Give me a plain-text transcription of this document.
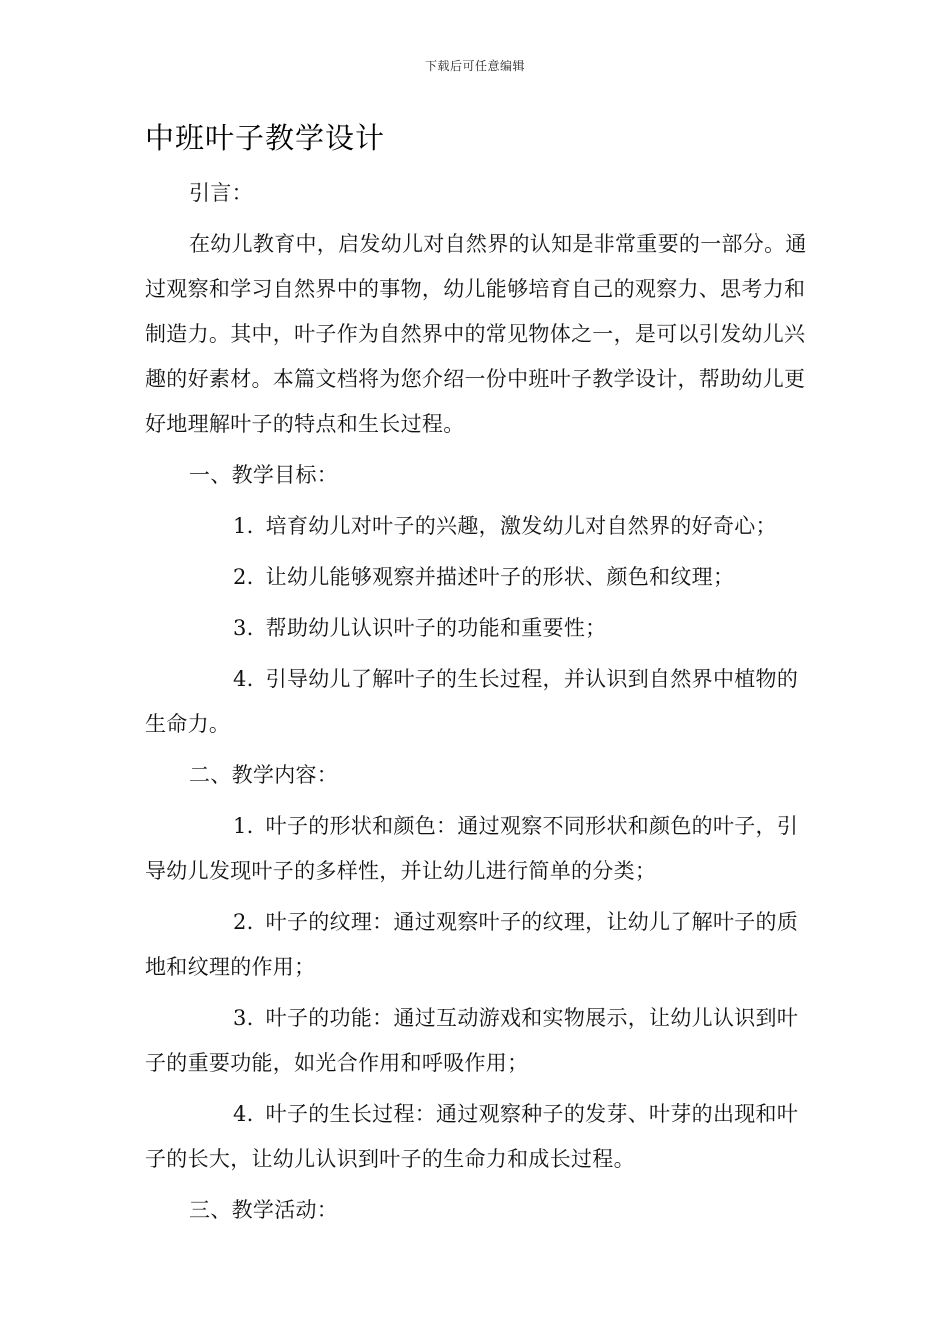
下载后可任意编辑
中班叶子教学设计

引言：

在幼儿教育中，启发幼儿对自然界的认知是非常重要的一部分。通过观察和学习自然界中的事物，幼儿能够培育自己的观察力、思考力和制造力。其中，叶子作为自然界中的常见物体之一，是可以引发幼儿兴趣的好素材。本篇文档将为您介绍一份中班叶子教学设计，帮助幼儿更好地理解叶子的特点和生长过程。

一、教学目标：

1. 培育幼儿对叶子的兴趣，激发幼儿对自然界的好奇心；

2. 让幼儿能够观察并描述叶子的形状、颜色和纹理；

3. 帮助幼儿认识叶子的功能和重要性；

4. 引导幼儿了解叶子的生长过程，并认识到自然界中植物的生命力。

二、教学内容：

1. 叶子的形状和颜色：通过观察不同形状和颜色的叶子，引导幼儿发现叶子的多样性，并让幼儿进行简单的分类；

2. 叶子的纹理：通过观察叶子的纹理，让幼儿了解叶子的质地和纹理的作用；

3. 叶子的功能：通过互动游戏和实物展示，让幼儿认识到叶子的重要功能，如光合作用和呼吸作用；

4. 叶子的生长过程：通过观察种子的发芽、叶芽的出现和叶子的长大，让幼儿认识到叶子的生命力和成长过程。

三、教学活动：
